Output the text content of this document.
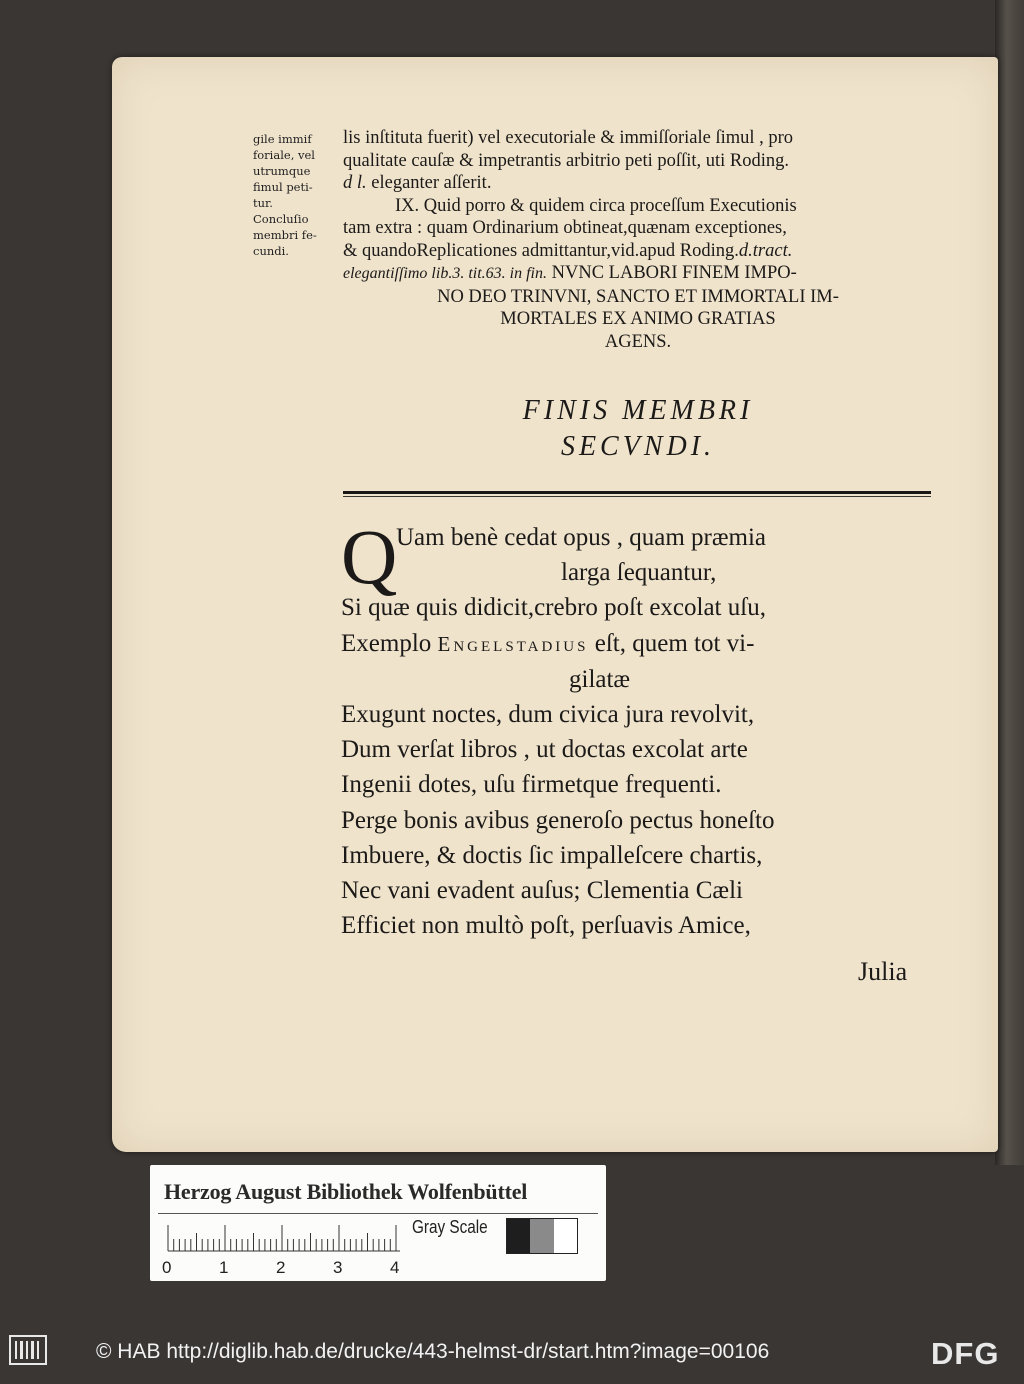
gile immif
foriale, vel
utrumque
fimul peti-
tur.
Concluſio
membri fe-
cundi.
lis inſtituta fuerit) vel executoriale & immiſſoriale ſimul , pro
qualitate cauſæ & impetrantis arbitrio peti poſſit, uti Roding.
d l. eleganter aſſerit.
IX. Quid porro & quidem circa proceſſum Executionis
tam extra : quam Ordinarium obtineat,quænam exceptiones,
& quandoReplicationes admittantur,vid.apud Roding.d.tract.
elegantiſſimo lib.3. tit.63. in fin. NVNC LABORI FINEM IMPO-
NO DEO TRINVNI, SANCTO ET IMMORTALI IM-
MORTALES EX ANIMO GRATIAS
AGENS.
FINIS MEMBRI
SECVNDI.
Q
Uam benè cedat opus , quam præmia
larga ſequantur,
Si quæ quis didicit,crebro poſt excolat uſu,
Exemplo Engelstadius eſt, quem tot vi-
gilatæ
Exugunt noctes, dum civica jura revolvit,
Dum verſat libros , ut doctas excolat arte
Ingenii dotes, uſu firmetque frequenti.
Perge bonis avibus generoſo pectus honeſto
Imbuere, & doctis ſic impalleſcere chartis,
Nec vani evadent auſus; Clementia Cæli
Efficiet non multò poſt, perſuavis Amice,
Julia
Herzog August Bibliothek Wolfenbüttel
0	1	2	3	4
Gray Scale
© HAB http://diglib.hab.de/drucke/443-helmst-dr/start.htm?image=00106	DFG
